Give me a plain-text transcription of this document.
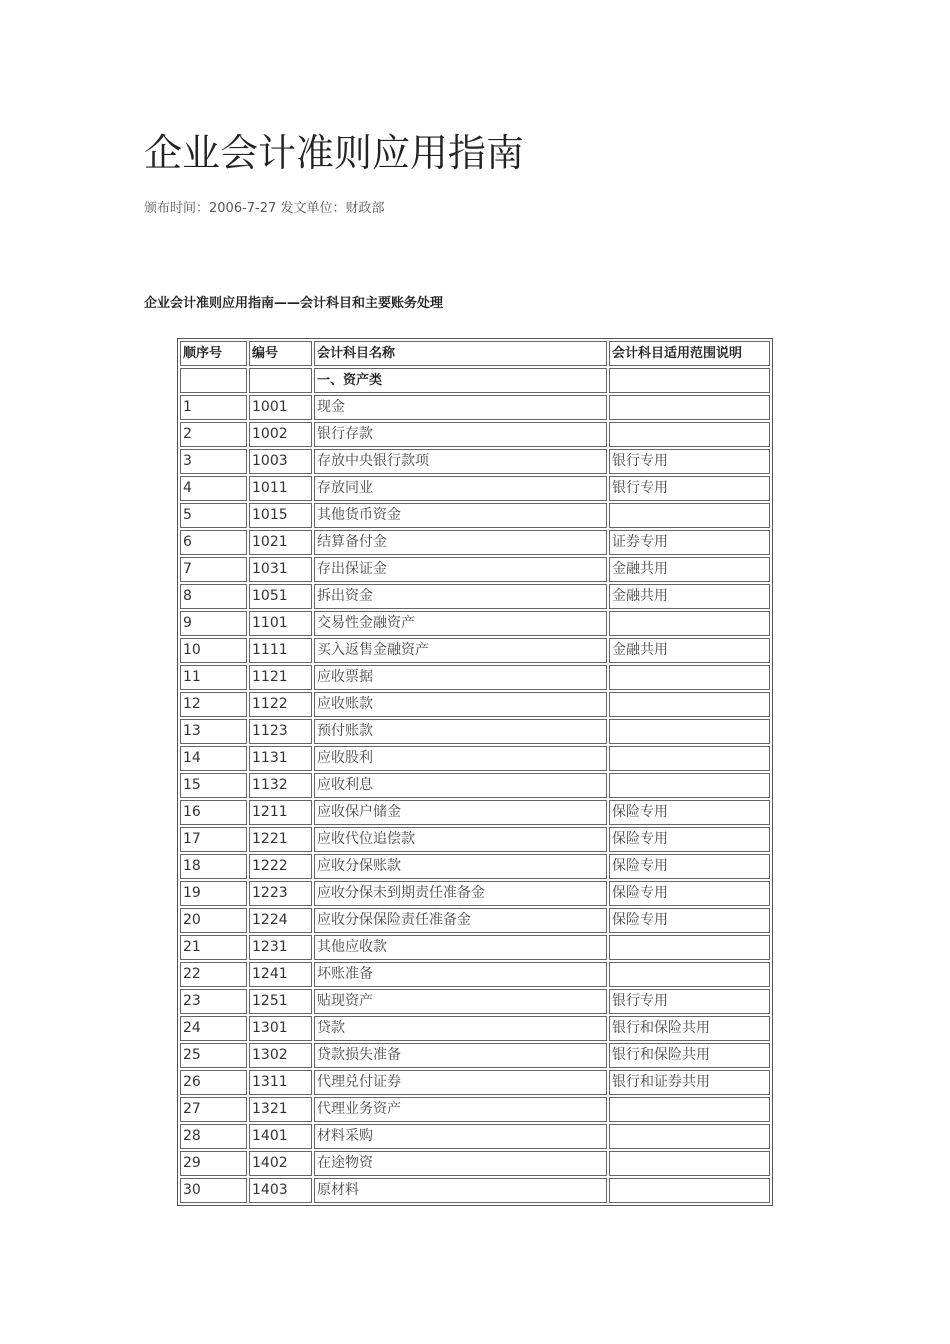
企业会计准则应用指南
颁布时间：2006-7-27 发文单位：财政部
企业会计准则应用指南——会计科目和主要账务处理
顺序号	编号	会计科目名称	会计科目适用范围说明
		一、资产类	
1	1001	现金	
2	1002	银行存款	
3	1003	存放中央银行款项	银行专用
4	1011	存放同业	银行专用
5	1015	其他货币资金	
6	1021	结算备付金	证券专用
7	1031	存出保证金	金融共用
8	1051	拆出资金	金融共用
9	1101	交易性金融资产	
10	1111	买入返售金融资产	金融共用
11	1121	应收票据	
12	1122	应收账款	
13	1123	预付账款	
14	1131	应收股利	
15	1132	应收利息	
16	1211	应收保户储金	保险专用
17	1221	应收代位追偿款	保险专用
18	1222	应收分保账款	保险专用
19	1223	应收分保未到期责任准备金	保险专用
20	1224	应收分保保险责任准备金	保险专用
21	1231	其他应收款	
22	1241	坏账准备	
23	1251	贴现资产	银行专用
24	1301	贷款	银行和保险共用
25	1302	贷款损失准备	银行和保险共用
26	1311	代理兑付证券	银行和证券共用
27	1321	代理业务资产	
28	1401	材料采购	
29	1402	在途物资	
30	1403	原材料	
